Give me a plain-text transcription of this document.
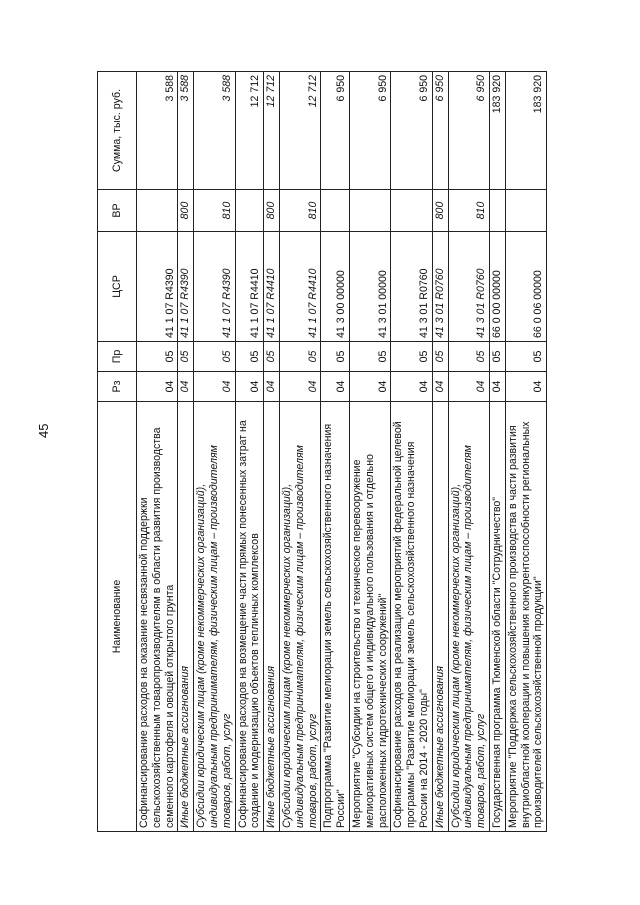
45
Наименование	Рз	Пр	ЦСР	ВР	Сумма, тыс. руб.
Софинансирование расходов на оказание несвязанной поддержки сельскохозяйственным товаропроизводителям в области развития производства семенного картофеля и овощей открытого грунта	04	05	41 1 07 R4390		3 588
Иные бюджетные ассигнования	04	05	41 1 07 R4390	800	3 588
Субсидии юридическим лицам (кроме некоммерческих организаций), индивидуальным предпринимателям, физическим лицам – производителям товаров, работ, услуг	04	05	41 1 07 R4390	810	3 588
Софинансирование расходов на возмещение части прямых понесенных затрат на создание и модернизацию объектов тепличных комплексов	04	05	41 1 07 R4410		12 712
Иные бюджетные ассигнования	04	05	41 1 07 R4410	800	12 712
Субсидии юридическим лицам (кроме некоммерческих организаций), индивидуальным предпринимателям, физическим лицам – производителям товаров, работ, услуг	04	05	41 1 07 R4410	810	12 712
Подпрограмма "Развитие мелиорации земель сельскохозяйственного назначения России"	04	05	41 3 00 00000		6 950
Мероприятие "Субсидии на строительство и техническое перевооружение мелиоративных систем общего и индивидуального пользования и отдельно расположенных гидротехнических сооружений"	04	05	41 3 01 00000		6 950
Софинансирование расходов на реализацию мероприятий федеральной целевой программы "Развитие мелиорации земель сельскохозяйственного назначения России на 2014 - 2020 годы"	04	05	41 3 01 R0760		6 950
Иные бюджетные ассигнования	04	05	41 3 01 R0760	800	6 950
Субсидии юридическим лицам (кроме некоммерческих организаций), индивидуальным предпринимателям, физическим лицам – производителям товаров, работ, услуг	04	05	41 3 01 R0760	810	6 950
Государственная программа Тюменской области "Сотрудничество"	04	05	66 0 00 00000		183 920
Мероприятие "Поддержка сельскохозяйственного производства в части развития внутриобластной кооперации и повышения конкурентоспособности региональных производителей сельскохозяйственной продукции"	04	05	66 0 06 00000		183 920
